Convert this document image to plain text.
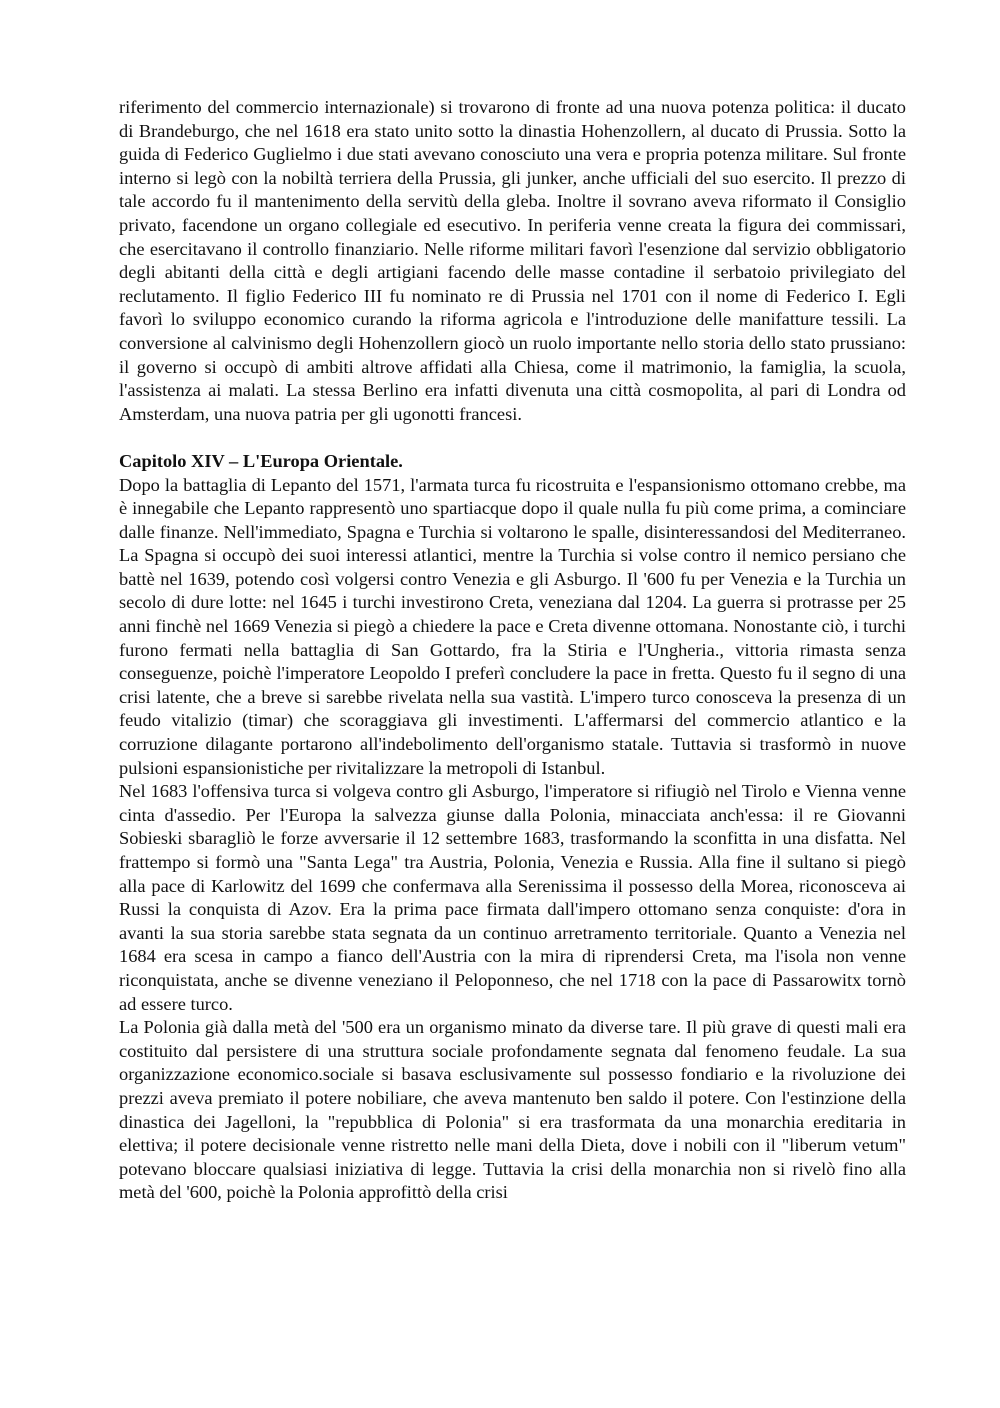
riferimento del commercio internazionale) si trovarono di fronte ad una nuova potenza politica: il ducato di Brandeburgo, che nel 1618 era stato unito sotto la dinastia Hohenzollern, al ducato di Prussia. Sotto la guida di Federico Guglielmo i due stati avevano conosciuto una vera e propria potenza militare. Sul fronte interno si legò con la nobiltà terriera della Prussia, gli junker, anche ufficiali del suo esercito. Il prezzo di tale accordo fu il mantenimento della servitù della gleba. Inoltre il sovrano aveva riformato il Consiglio privato, facendone un organo collegiale ed esecutivo. In periferia venne creata la figura dei commissari, che esercitavano il controllo finanziario. Nelle riforme militari favorì l'esenzione dal servizio obbligatorio degli abitanti della città e degli artigiani facendo delle masse contadine il serbatoio privilegiato del reclutamento. Il figlio Federico III fu nominato re di Prussia nel 1701 con il nome di Federico I. Egli favorì lo sviluppo economico curando la riforma agricola e l'introduzione delle manifatture tessili. La conversione al calvinismo degli Hohenzollern giocò un ruolo importante nello storia dello stato prussiano: il governo si occupò di ambiti altrove affidati alla Chiesa, come il matrimonio, la famiglia, la scuola, l'assistenza ai malati. La stessa Berlino era infatti divenuta una città cosmopolita, al pari di Londra od Amsterdam, una nuova patria per gli ugonotti francesi.

Capitolo XIV – L'Europa Orientale.

Dopo la battaglia di Lepanto del 1571, l'armata turca fu ricostruita e l'espansionismo ottomano crebbe, ma è innegabile che Lepanto rappresentò uno spartiacque dopo il quale nulla fu più come prima, a cominciare dalle finanze. Nell'immediato, Spagna e Turchia si voltarono le spalle, disinteressandosi del Mediterraneo. La Spagna si occupò dei suoi interessi atlantici, mentre la Turchia si volse contro il nemico persiano che battè nel 1639, potendo così volgersi contro Venezia e gli Asburgo. Il '600 fu per Venezia e la Turchia un secolo di dure lotte: nel 1645 i turchi investirono Creta, veneziana dal 1204. La guerra si protrasse per 25 anni finchè nel 1669 Venezia si piegò a chiedere la pace e Creta divenne ottomana. Nonostante ciò, i turchi furono fermati nella battaglia di San Gottardo, fra la Stiria e l'Ungheria., vittoria rimasta senza conseguenze, poichè l'imperatore Leopoldo I preferì concludere la pace in fretta. Questo fu il segno di una crisi latente, che a breve si sarebbe rivelata nella sua vastità. L'impero turco conosceva la presenza di un feudo vitalizio (timar) che scoraggiava gli investimenti. L'affermarsi del commercio atlantico e la corruzione dilagante portarono all'indebolimento dell'organismo statale. Tuttavia si trasformò in nuove pulsioni espansionistiche per rivitalizzare la metropoli di Istanbul.

Nel 1683 l'offensiva turca si volgeva contro gli Asburgo, l'imperatore si rifiugiò nel Tirolo e Vienna venne cinta d'assedio. Per l'Europa la salvezza giunse dalla Polonia, minacciata anch'essa: il re Giovanni Sobieski sbaragliò le forze avversarie il 12 settembre 1683, trasformando la sconfitta in una disfatta. Nel frattempo si formò una "Santa Lega" tra Austria, Polonia, Venezia e Russia. Alla fine il sultano si piegò alla pace di Karlowitz del 1699 che confermava alla Serenissima il possesso della Morea, riconosceva ai Russi la conquista di Azov. Era la prima pace firmata dall'impero ottomano senza conquiste: d'ora in avanti la sua storia sarebbe stata segnata da un continuo arretramento territoriale. Quanto a Venezia nel 1684 era scesa in campo a fianco dell'Austria con la mira di riprendersi Creta, ma l'isola non venne riconquistata, anche se divenne veneziano il Peloponneso, che nel 1718 con la pace di Passarowitx tornò ad essere turco.

La Polonia già dalla metà del '500 era un organismo minato da diverse tare. Il più grave di questi mali era costituito dal persistere di una struttura sociale profondamente segnata dal fenomeno feudale. La sua organizzazione economico.sociale si basava esclusivamente sul possesso fondiario e la rivoluzione dei prezzi aveva premiato il potere nobiliare, che aveva mantenuto ben saldo il potere. Con l'estinzione della dinastica dei Jagelloni, la "repubblica di Polonia" si era trasformata da una monarchia ereditaria in elettiva; il potere decisionale venne ristretto nelle mani della Dieta, dove i nobili con il "liberum vetum" potevano bloccare qualsiasi iniziativa di legge. Tuttavia la crisi della monarchia non si rivelò fino alla metà del '600, poichè la Polonia approfittò della crisi
